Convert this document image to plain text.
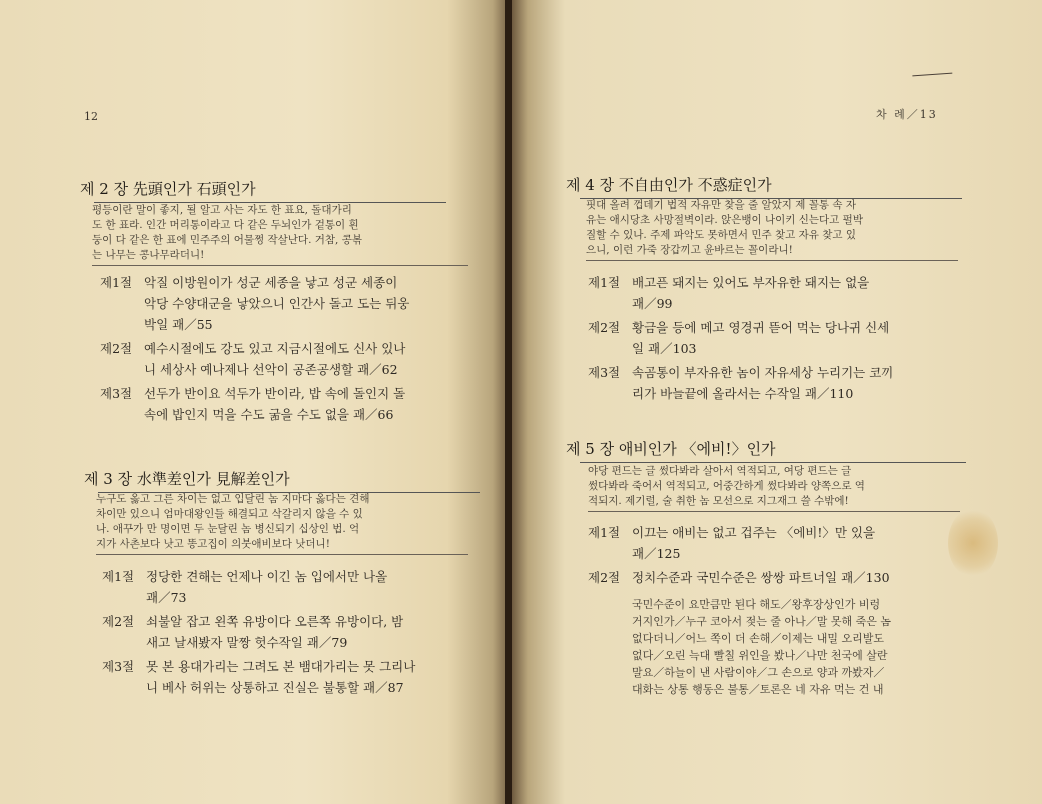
12
제 2 장 先頭인가 石頭인가
평등이란 말이 좋지, 될 알고 사는 자도 한 표요, 돌대가리
도 한 표라. 인간 머리통이라고 다 같은 두뇌인가 겉통이 흰
둥이 다 같은 한 표에 민주주의 어물쩡 작살난다. 거참, 콩볶
는 나무는 콩나무라더니!
제1절 악질 이방원이가 성군 세종을 낳고 성군 세종이
악당 수양대군을 낳았으니 인간사 돌고 도는 뒤웅
박일 괘／55
제2절 예수시절에도 강도 있고 지금시절에도 신사 있나
니 세상사 예나제나 선악이 공존공생할 괘／62
제3절 선두가 반이요 석두가 반이라, 밥 속에 돌인지 돌
속에 밥인지 먹을 수도 굶을 수도 없을 괘／66
제 3 장 水準差인가 見解差인가
누구도 옳고 그른 차이는 없고 입달린 놈 지마다 옳다는 견해
차이만 있으니 엄마대왕인들 해결되고 삭갈리지 않을 수 있
나. 애꾸가 만 명이면 두 눈달린 놈 병신되기 십상인 법. 억
지가 사촌보다 낫고 똥고집이 의붓애비보다 낫더니!
제1절 정당한 견해는 언제나 이긴 놈 입에서만 나올
괘／73
제2절 쇠불알 잡고 왼쪽 유방이다 오른쪽 유방이다, 밤
새고 날새봤자 말짱 헛수작일 괘／79
제3절 못 본 용대가리는 그려도 본 뱀대가리는 못 그리나
니 베사 허위는 상통하고 진실은 불통할 괘／87
차 례／13
제 4 장 不自由인가 不惑症인가
핏대 올려 껍데기 법적 자유만 찾을 줄 알았지 제 꼴통 속 자
유는 애시당초 사망절벽이라. 앉은뱅이 나이키 신는다고 펄박
질할 수 있나. 주제 파악도 못하면서 민주 찾고 자유 찾고 있
으니, 이런 가죽 장갑끼고 윤바르는 꼴이라니!
제1절 배고픈 돼지는 있어도 부자유한 돼지는 없을
괘／99
제2절 황금을 등에 메고 영경귀 뜯어 먹는 당나귀 신세
일 괘／103
제3절 속곰통이 부자유한 놈이 자유세상 누리기는 코끼
리가 바늘끝에 올라서는 수작일 괘／110
제 5 장 애비인가 〈에비!〉인가
야당 편드는 글 썼다봐라 살아서 역적되고, 여당 편드는 글
썼다봐라 죽어서 역적되고, 어중간하게 썼다봐라 양쪽으로 역
적되지. 제기럴, 술 취한 놈 모선으로 지그재그 쓸 수밖에!
제1절 이끄는 애비는 없고 겁주는 〈에비!〉만 있을
괘／125
제2절 정치수준과 국민수준은 쌍쌍 파트너일 괘／130
국민수준이 요만큼만 된다 해도／왕후장상인가 비렁
거지인가／누구 코아서 젖는 줄 아나／말 못해 죽은 놈
없다더니／어느 쪽이 더 손해／이제는 내밀 오리발도
없다／오린 늑대 빨칠 위인을 봤나／나만 천국에 살란
말요／하늘이 낸 사람이야／그 손으로 양과 까봤자／
대화는 상통 행동은 불통／토론은 네 자유 먹는 건 내
